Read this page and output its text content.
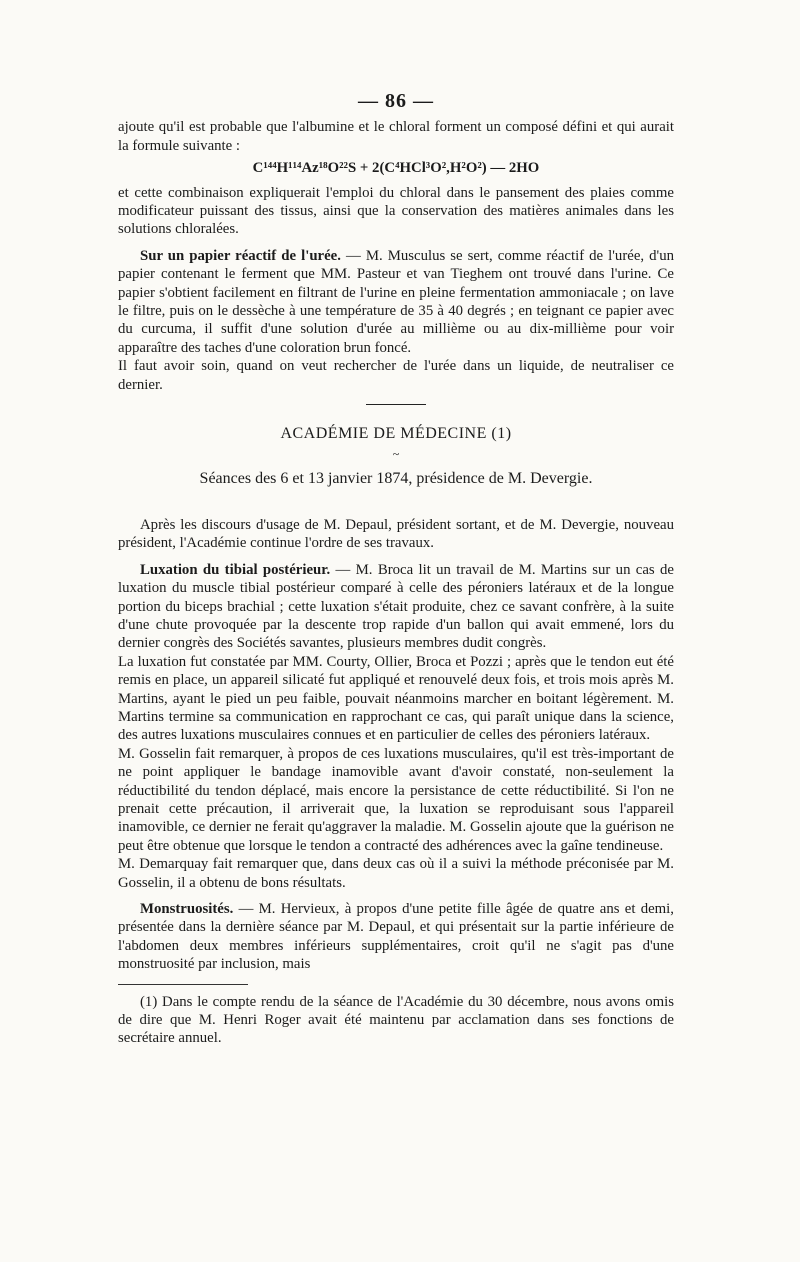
— 86 —

ajoute qu'il est probable que l'albumine et le chloral forment un composé défini et qui aurait la formule suivante :

C¹⁴⁴H¹¹⁴Az¹⁸O²²S + 2(C⁴HCl³O²,H²O²) — 2HO

et cette combinaison expliquerait l'emploi du chloral dans le pansement des plaies comme modificateur puissant des tissus, ainsi que la conservation des matières animales dans les solutions chloralées.

Sur un papier réactif de l'urée. — M. Musculus se sert, comme réactif de l'urée, d'un papier contenant le ferment que MM. Pasteur et van Tieghem ont trouvé dans l'urine. Ce papier s'obtient facilement en filtrant de l'urine en pleine fermentation ammoniacale ; on lave le filtre, puis on le dessèche à une température de 35 à 40 degrés ; en teignant ce papier avec du curcuma, il suffit d'une solution d'urée au millième ou au dix-millième pour voir apparaître des taches d'une coloration brun foncé.

Il faut avoir soin, quand on veut rechercher de l'urée dans un liquide, de neutraliser ce dernier.

ACADÉMIE DE MÉDECINE (1)
~
Séances des 6 et 13 janvier 1874, présidence de M. Devergie.

Après les discours d'usage de M. Depaul, président sortant, et de M. Devergie, nouveau président, l'Académie continue l'ordre de ses travaux.

Luxation du tibial postérieur. — M. Broca lit un travail de M. Martins sur un cas de luxation du muscle tibial postérieur comparé à celle des péroniers latéraux et de la longue portion du biceps brachial ; cette luxation s'était produite, chez ce savant confrère, à la suite d'une chute provoquée par la descente trop rapide d'un ballon qui avait emmené, lors du dernier congrès des Sociétés savantes, plusieurs membres dudit congrès.

La luxation fut constatée par MM. Courty, Ollier, Broca et Pozzi ; après que le tendon eut été remis en place, un appareil silicaté fut appliqué et renouvelé deux fois, et trois mois après M. Martins, ayant le pied un peu faible, pouvait néanmoins marcher en boitant légèrement. M. Martins termine sa communication en rapprochant ce cas, qui paraît unique dans la science, des autres luxations musculaires connues et en particulier de celles des péroniers latéraux.

M. Gosselin fait remarquer, à propos de ces luxations musculaires, qu'il est très-important de ne point appliquer le bandage inamovible avant d'avoir constaté, non-seulement la réductibilité du tendon déplacé, mais encore la persistance de cette réductibilité. Si l'on ne prenait cette précaution, il arriverait que, la luxation se reproduisant sous l'appareil inamovible, ce dernier ne ferait qu'aggraver la maladie. M. Gosselin ajoute que la guérison ne peut être obtenue que lorsque le tendon a contracté des adhérences avec la gaîne tendineuse.

M. Demarquay fait remarquer que, dans deux cas où il a suivi la méthode préconisée par M. Gosselin, il a obtenu de bons résultats.

Monstruosités. — M. Hervieux, à propos d'une petite fille âgée de quatre ans et demi, présentée dans la dernière séance par M. Depaul, et qui présentait sur la partie inférieure de l'abdomen deux membres inférieurs supplémentaires, croit qu'il ne s'agit pas d'une monstruosité par inclusion, mais

(1) Dans le compte rendu de la séance de l'Académie du 30 décembre, nous avons omis de dire que M. Henri Roger avait été maintenu par acclamation dans ses fonctions de secrétaire annuel.
